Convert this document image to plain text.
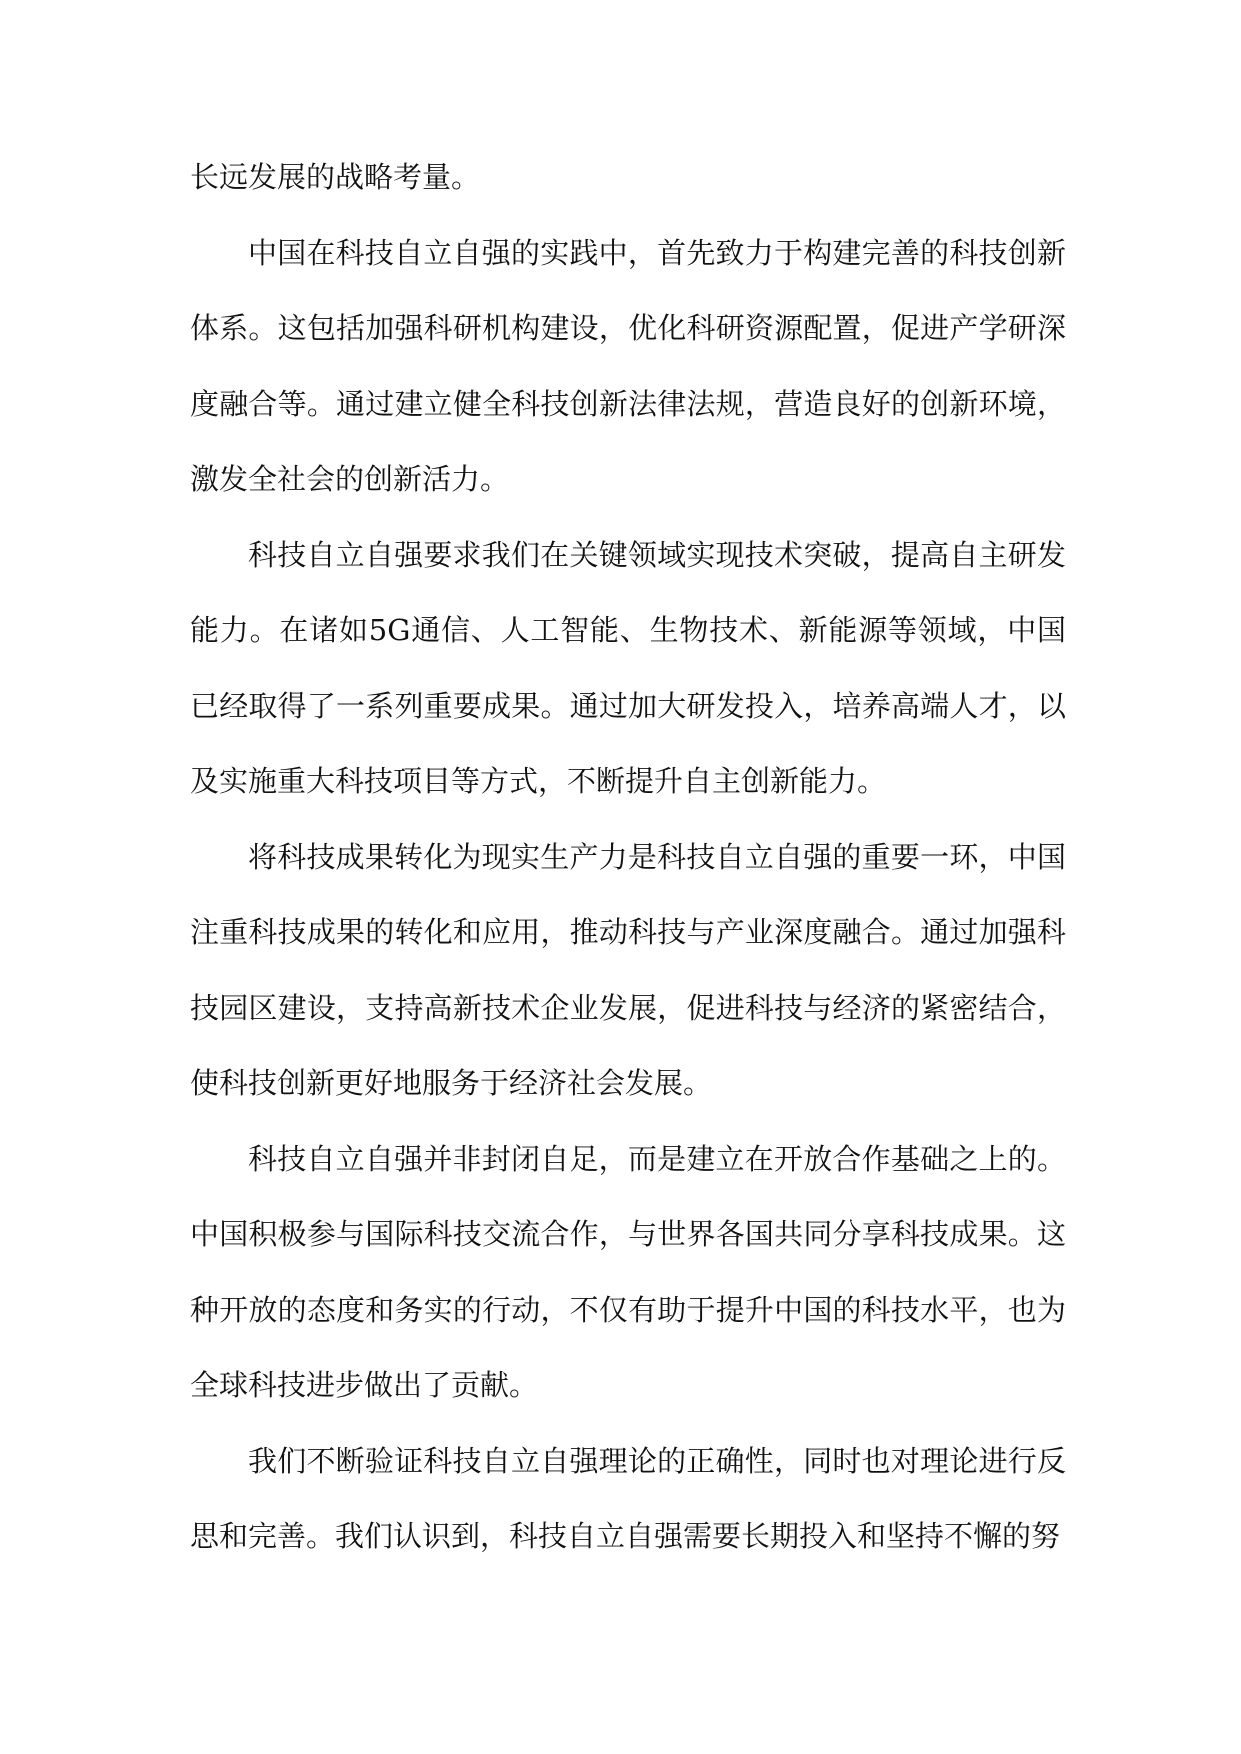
长远发展的战略考量。

中国在科技自立自强的实践中，首先致力于构建完善的科技创新体系。这包括加强科研机构建设，优化科研资源配置，促进产学研深度融合等。通过建立健全科技创新法律法规，营造良好的创新环境，激发全社会的创新活力。

科技自立自强要求我们在关键领域实现技术突破，提高自主研发能力。在诸如5G通信、人工智能、生物技术、新能源等领域，中国已经取得了一系列重要成果。通过加大研发投入，培养高端人才，以及实施重大科技项目等方式，不断提升自主创新能力。

将科技成果转化为现实生产力是科技自立自强的重要一环，中国注重科技成果的转化和应用，推动科技与产业深度融合。通过加强科技园区建设，支持高新技术企业发展，促进科技与经济的紧密结合，使科技创新更好地服务于经济社会发展。

科技自立自强并非封闭自足，而是建立在开放合作基础之上的。中国积极参与国际科技交流合作，与世界各国共同分享科技成果。这种开放的态度和务实的行动，不仅有助于提升中国的科技水平，也为全球科技进步做出了贡献。

我们不断验证科技自立自强理论的正确性，同时也对理论进行反思和完善。我们认识到，科技自立自强需要长期投入和坚持不懈的努
